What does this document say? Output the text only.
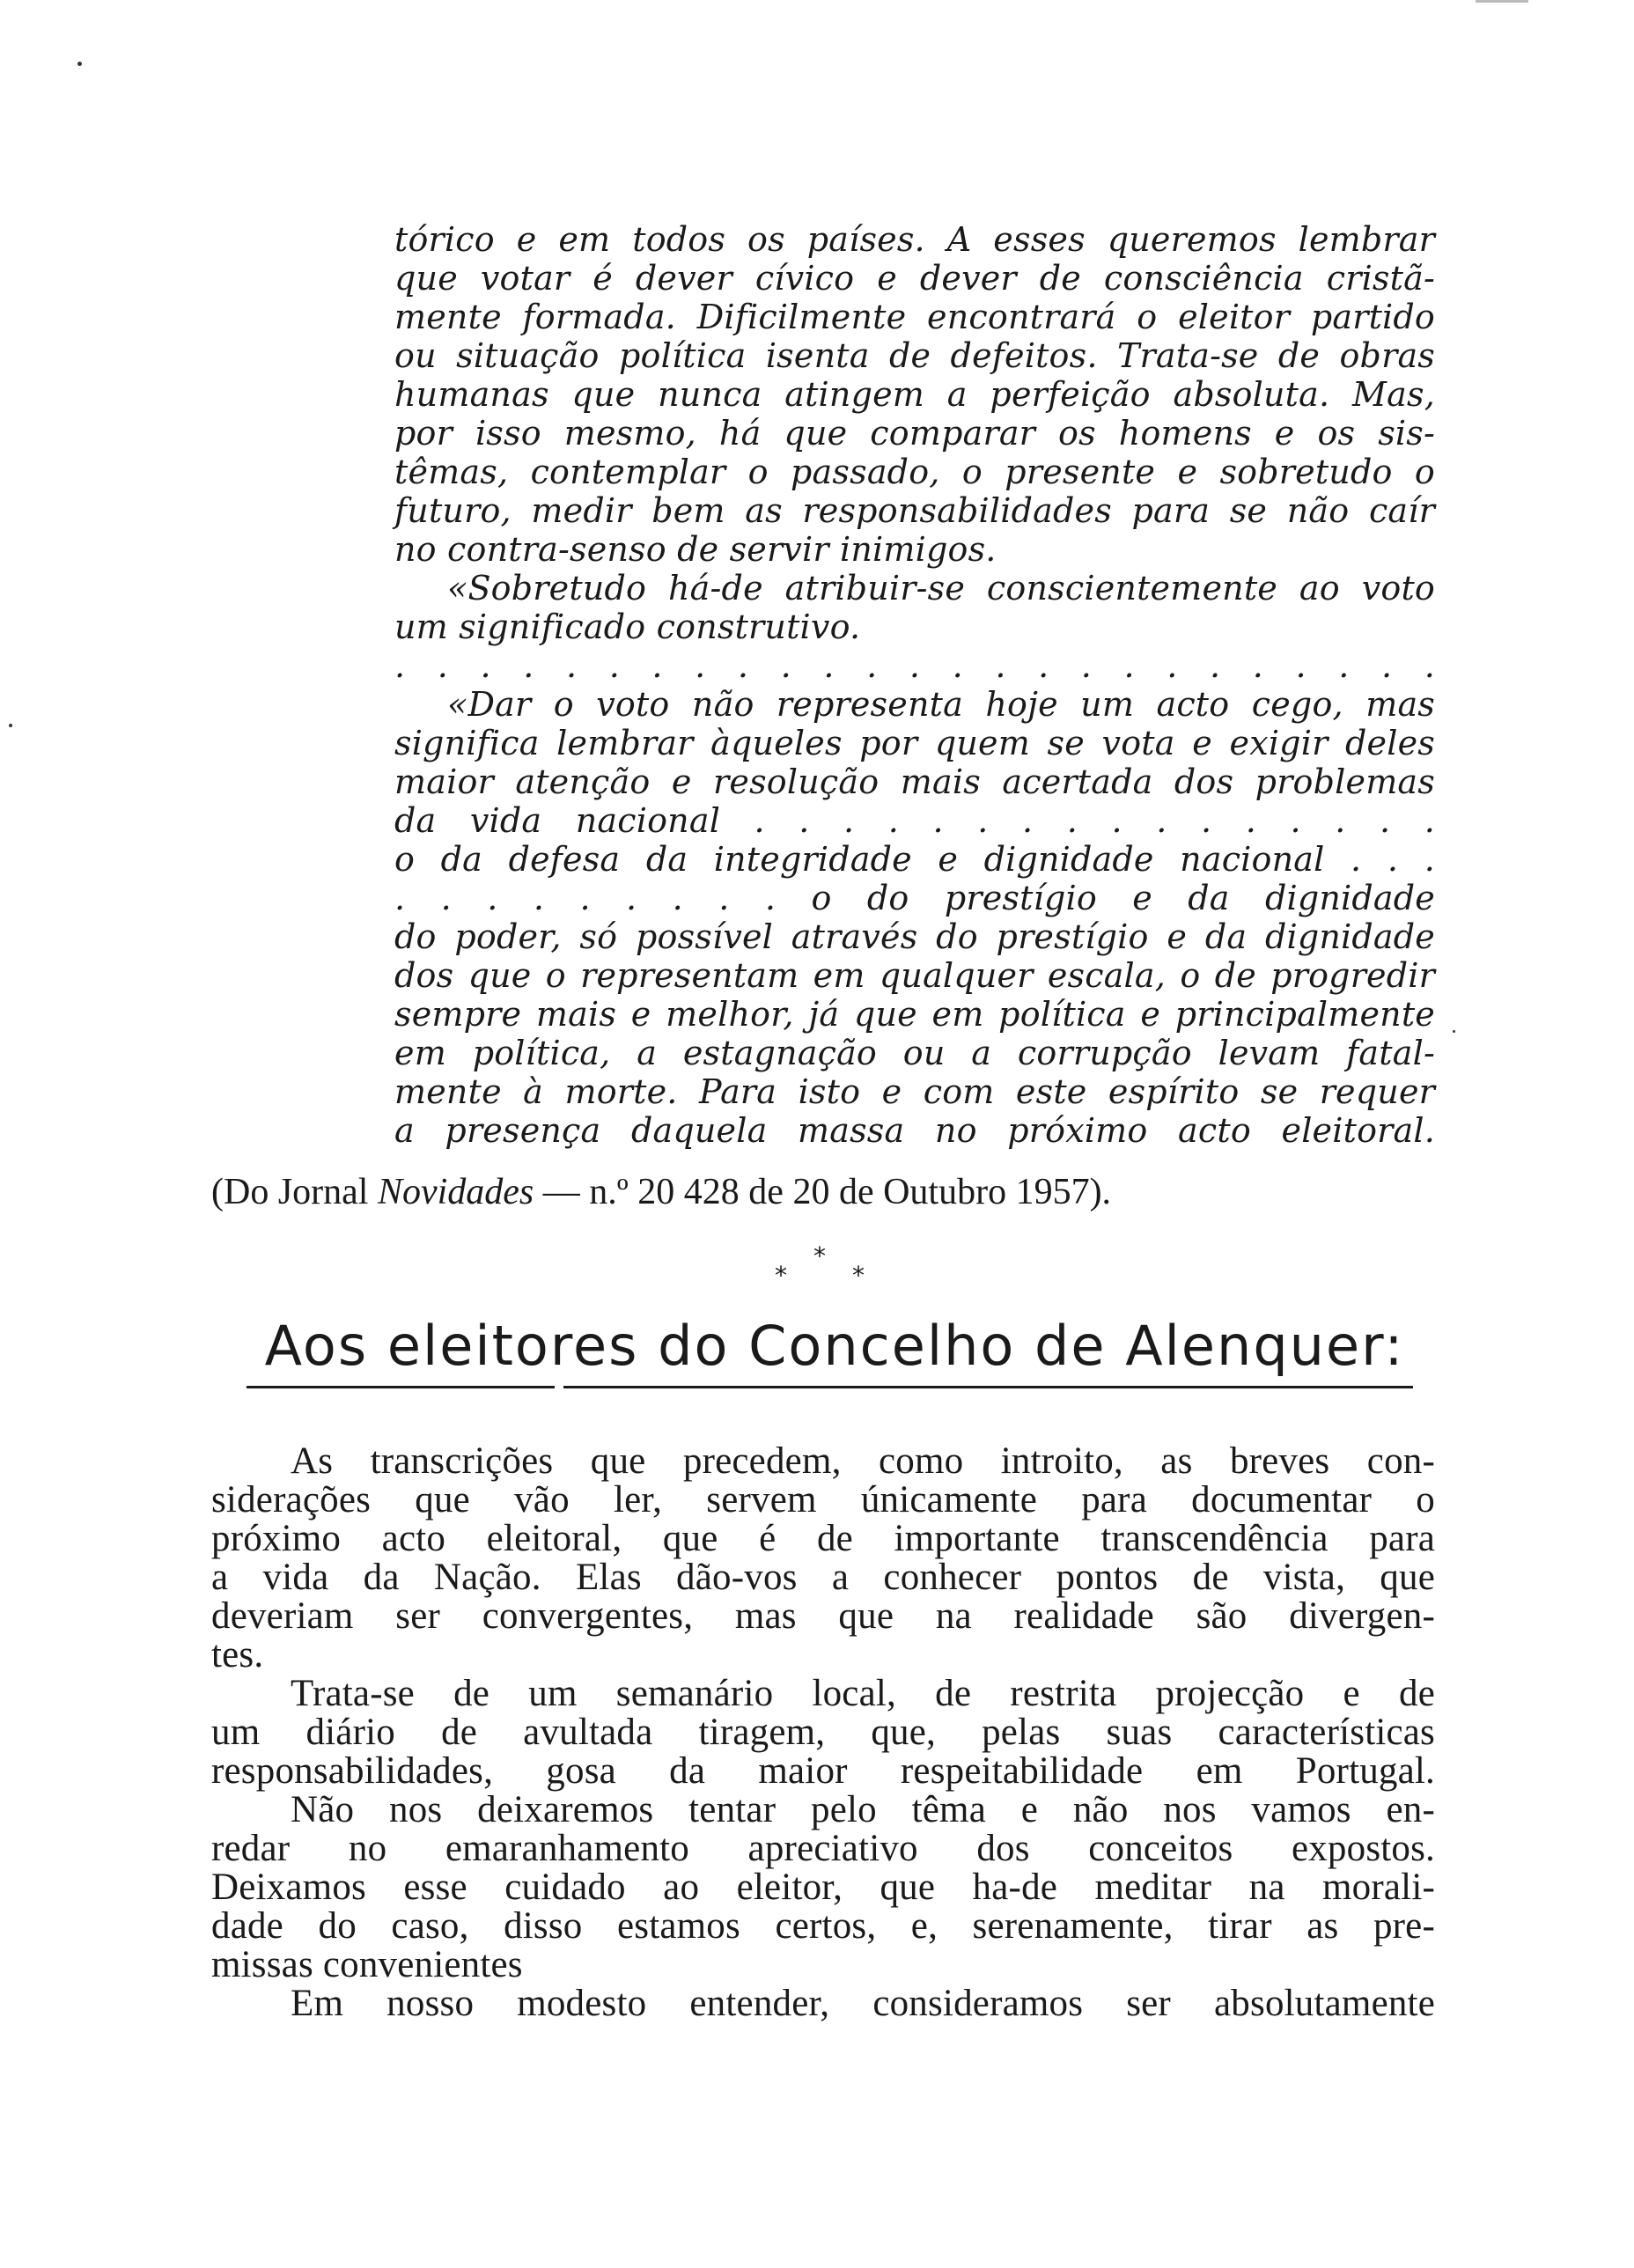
tórico e em todos os países. A esses queremos lembrar
que votar é dever cívico e dever de consciência cristã-
mente formada. Dificilmente encontrará o eleitor partido
ou situação política isenta de defeitos. Trata-se de obras
humanas que nunca atingem a perfeição absoluta. Mas,
por isso mesmo, há que comparar os homens e os sis-
têmas, contemplar o passado, o presente e sobretudo o
futuro, medir bem as responsabilidades para se não caír
no contra-senso de servir inimigos.
«Sobretudo há-de atribuir-se conscientemente ao voto
um significado construtivo.
. . . . . . . . . . . . . . . . . . . . . . . . .
«Dar o voto não representa hoje um acto cego, mas
significa lembrar àqueles por quem se vota e exigir deles
maior atenção e resolução mais acertada dos problemas
da vida nacional . . . . . . . . . . . . . . . .
o da defesa da integridade e dignidade nacional . . .
. . . . . . . . . o do prestígio e da dignidade
do poder, só possível através do prestígio e da dignidade
dos que o representam em qualquer escala, o de progredir
sempre mais e melhor, já que em política e principalmente
em política, a estagnação ou a corrupção levam fatal-
mente à morte. Para isto e com este espírito se requer
a presença daquela massa no próximo acto eleitoral.
(Do Jornal Novidades — n.º 20 428 de 20 de Outubro 1957).
*
*	*
Aos eleitores do Concelho de Alenquer:
As transcrições que precedem, como introito, as breves con-
siderações que vão ler, servem únicamente para documentar o
próximo acto eleitoral, que é de importante transcendência para
a vida da Nação. Elas dão-vos a conhecer pontos de vista, que
deveriam ser convergentes, mas que na realidade são divergen-
tes.
Trata-se de um semanário local, de restrita projecção e de
um diário de avultada tiragem, que, pelas suas características
responsabilidades, gosa da maior respeitabilidade em Portugal.
Não nos deixaremos tentar pelo têma e não nos vamos en-
redar no emaranhamento apreciativo dos conceitos expostos.
Deixamos esse cuidado ao eleitor, que ha-de meditar na morali-
dade do caso, disso estamos certos, e, serenamente, tirar as pre-
missas convenientes
Em nosso modesto entender, consideramos ser absolutamente
